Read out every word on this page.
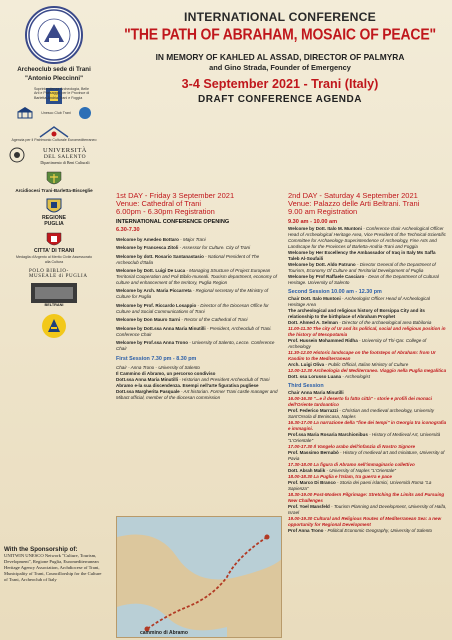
Archeoclub sede di Trani
"Antonio Pleccinni"
Soprintendenza Archeologia, Belle Arti e Paesaggio per le Province di Barletta-Andria-Trani e Foggia
Unesco Club Trani
Agenzia per il Patrimonio Culturale Euromediterraneo
UNIVERSITÀ
DEL SALENTO
Dipartimento di Beni Culturali
Arcidiocesi Trani-Barletta-Bisceglie
REGIONE PUGLIA
CITTA' DI TRANI
Medaglia d'Argento al Merito Civile Assessorato alla Cultura
POLO BIBLIO-MUSEALE di PUGLIA
BELTRANI
With the Sponsorship of:
UNITWIN UNESCO Network "Culture, Tourism, Development", Regione Puglia, Euromediterranean Heritage Agency Association, Archdiocese of Trani, Municipality of Trani, Councillorship for the Culture of Trani, Archeoclub of Italy
INTERNATIONAL CONFERENCE
"THE PATH OF ABRAHAM, MOSAIC OF PEACE"
IN MEMORY OF KAHLED AL ASSAD, DIRECTOR OF PALMYRA
and Gino Strada, Founder of Emergency
3-4 September 2021 - Trani (Italy)
DRAFT CONFERENCE AGENDA
1st DAY - Friday 3 September 2021
Venue: Cathedral of Trani
6.00pm - 6.30pm Registration
INTERNATIONAL CONFERENCE OPENING
6.30-7.30
Welcome by Amedeo Bottaro - Major Trani
Welcome by Francesca Zitoli - Assessor for Culture. City of Trani
Welcome by dott. Rosario Santanastasio - National President of The Archeoclub d'Italia
Welcome by Dott. Luigi De Luca - Managing Structure of Project European Territorial Cooperation and Poli Biblio-museali. Tourism department, economy of culture and enhancement of the territory, Puglia Region
Welcome by Arch. Maria Piccarreta - Regional secretary of the Ministry of Culture for Puglia
Welcome by Prof. Riccardo Losappio - Director of the Diocesan Office for Culture and Social Communications of Trani
Welcome by Don Mauro Sarni - Rector of the Cathedral of Trani
Welcome by Dott.ssa Anna Maria Minutilli - President, Archeoclub of Trani. Conference Chair
Welcome by Prof.ssa Anna Trono - University of Salento, Lecce. Conference Chair
First Session 7.30 pm - 8.30 pm
Chair - Anna Trono - University of Salento
Il Cammino di Abramo, un percorso condiviso
Dott.ssa Anna Maria Minutilli - Historian and President Archeoclub of Trani
Abramo e-la sua discendenza. Esempi nell'arte figurativa pugliese
Dott.ssa Margherita Pasquale - Art historian. Former Trani castle manager and Mibact official, member of the diocesan commission
cammino di Abramo
2nd DAY - Saturday 4 September 2021
Venue: Palazzo delle Arti Beltrani. Trani
9.00 am Registration
9.30 am - 10.00 am
Welcome by Dott. Italo M. Muntoni - Conference chair Archeological Officer Head of Archeological Heritage Area, Vice President of the Technical-Scientific Committee for Archaeology-Superintendence of Archeology, Fine Arts and Landscape for the Provinces of Barletta-Andria-Trani and Foggia
Welcome by Her Excellency the Ambassador of Iraq in Italy Ms Saffa Taleb Al-Soufaili
Welcome by Dott. Aldo Patruno - Director General of the Department of Tourism, Economy Of Culture and Territorial Development of Puglia
Welcome by Prof Raffaele Casciaro - Dean of the Department of Cultural Heritage. University of Salento
Second Session 10.00 am - 12.30 pm
Chair Dott. Italo Muntoni - Archeologist Officer Head of Archeological Heritage Area
The archeological and religious history of Borsippa City and its relationship to the birthplace of Abraham Prophet
Dott. Ahmed A. Selman - Director of the archaeological area Babilonia
11.00-11.30 The city of Ur and its political, social and religious position in the history of Mesopotamia
Prof. Hussein Mohammed Ridha - University of Thi-Qar. College of Archeology
11.30-12.00 Historic landscape on the footsteps of Abraham: from Ur Kasdim to the Mediterranean
Arch. Luigi Oliva - Public Official, Italian Ministry of Culture
12.00-12.30 Archeologia del Mediterraneo. Viaggio nella Puglia megalitica
Dott. ssa Lorusso Luana - Archeologist
Third Session
Chair Anna Maria Minutilli
16.00-16.30 "...e il deserto fu fatto città" - storie e profili dei monaci dell'Oriente tardoantico
Prof. Federico Marrazzi - Christian and medieval archeology, University Sant'Orsola di Benincasa, Naples
16.30-17.00 La narrazione della "fine dei tempi" in Georgia tra iconografia e immagini.
Prof.ssa Maria Rosaria Marchionibus - History of Medieval Art, Università "L'Orientale"
17.00-17.30 Il Vangelo arabo dell'infanzia di Nostro Signore
Prof. Massimo Bernabò - History of medieval art and miniature, University of Pavia
17.30-18.00 La figura di Abramo nell'immaginario collettivo
Dott. Abrah Malik - University of Naples "L'Orientale"
18.00-18.30 La Puglia e l'Islam, tra guerra e pace
Prof. Marco Di Branco - Storia dei paesi islamici, Università Roma "La Sapienza"
18.30-19.00 Post-Modern Pilgrimage: Stretching the Limits and Pursuing New Challenges
Prof. Yoel Mansfeld - Tourism Planning and Development, University of Haifa, Israel
19.00-19.30 Cultural and Religious Routes of Mediterranean Sea: a new opportunity for Regional Development
Prof Anna Trono - Political Economic Geography, University of Salento
